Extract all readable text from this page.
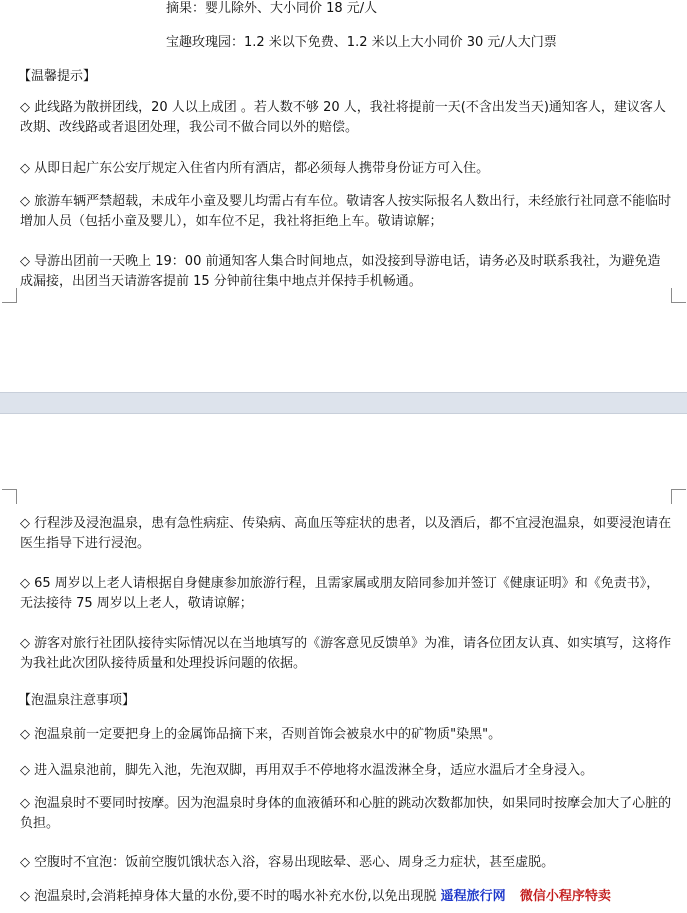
摘果：婴儿除外、大小同价 18 元/人
宝趣玫瑰园：1.2 米以下免费、1.2 米以上大小同价 30 元/人大门票
【温馨提示】
◇ 此线路为散拼团线，20 人以上成团 。若人数不够 20 人，我社将提前一天(不含出发当天)通知客人，建议客人改期、改线路或者退团处理，我公司不做合同以外的赔偿。
◇ 从即日起广东公安厅规定入住省内所有酒店，都必须每人携带身份证方可入住。
◇ 旅游车辆严禁超载，未成年小童及婴儿均需占有车位。敬请客人按实际报名人数出行，未经旅行社同意不能临时增加人员（包括小童及婴儿），如车位不足，我社将拒绝上车。敬请谅解；
◇ 导游出团前一天晚上 19：00 前通知客人集合时间地点，如没接到导游电话，请务必及时联系我社，为避免造成漏接，出团当天请游客提前 15 分钟前往集中地点并保持手机畅通。
◇ 行程涉及浸泡温泉，患有急性病症、传染病、高血压等症状的患者，以及酒后，都不宜浸泡温泉，如要浸泡请在医生指导下进行浸泡。
◇ 65 周岁以上老人请根据自身健康参加旅游行程，且需家属或朋友陪同参加并签订《健康证明》和《免责书》，无法接待 75 周岁以上老人，敬请谅解；
◇ 游客对旅行社团队接待实际情况以在当地填写的《游客意见反馈单》为准，请各位团友认真、如实填写，这将作为我社此次团队接待质量和处理投诉问题的依据。
【泡温泉注意事项】
◇ 泡温泉前一定要把身上的金属饰品摘下来，否则首饰会被泉水中的矿物质"染黑"。
◇ 进入温泉池前，脚先入池，先泡双脚，再用双手不停地将水温泼淋全身，适应水温后才全身浸入。
◇ 泡温泉时不要同时按摩。因为泡温泉时身体的血液循环和心脏的跳动次数都加快，如果同时按摩会加大了心脏的负担。
◇ 空腹时不宜泡：饭前空腹饥饿状态入浴，容易出现眩晕、恶心、周身乏力症状，甚至虚脱。
◇ 泡温泉时,会消耗掉身体大量的水份,要不时的喝水补充水份,以免出现脱 遥程旅行网 微信小程序特卖
